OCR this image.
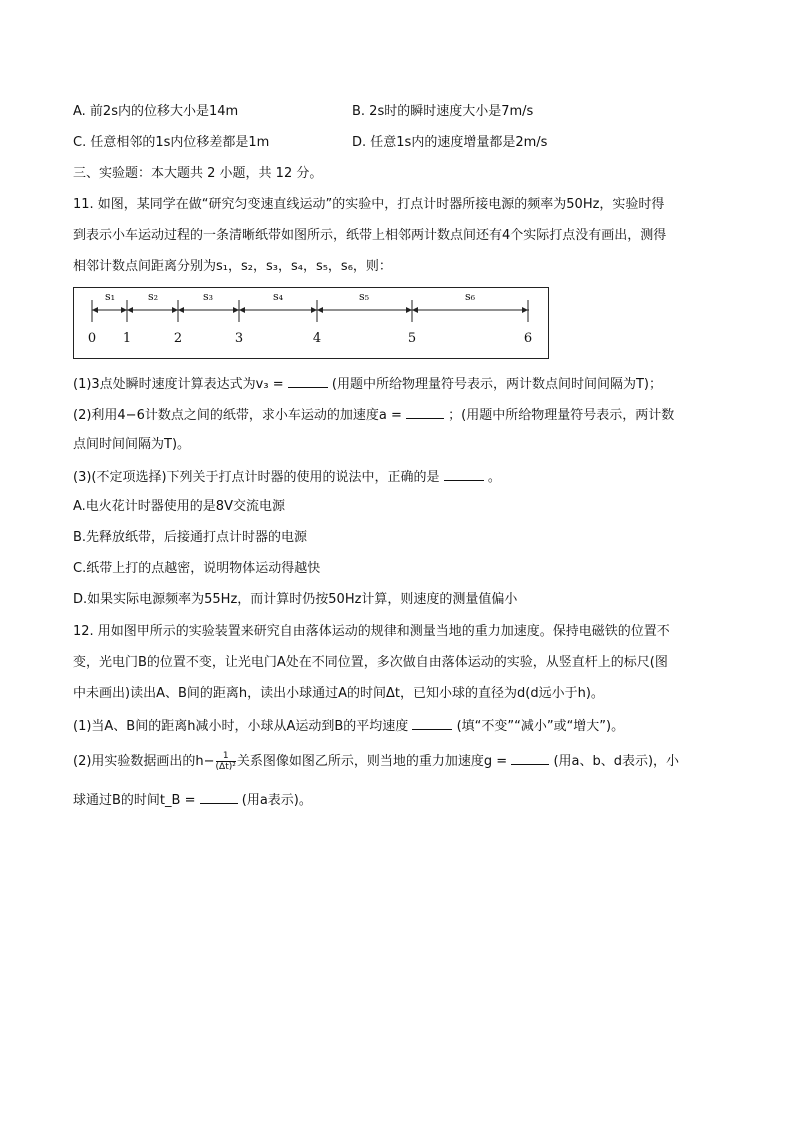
A. 前2s内的位移大小是14m	B. 2s时的瞬时速度大小是7m/s
C. 任意相邻的1s内位移差都是1m	D. 任意1s内的速度增量都是2m/s
三、实验题：本大题共 2 小题，共 12 分。
11. 如图，某同学在做“研究匀变速直线运动”的实验中，打点计时器所接电源的频率为50Hz，实验时得
到表示小车运动过程的一条清晰纸带如图所示，纸带上相邻两计数点间还有4个实际打点没有画出，测得
相邻计数点间距离分别为s₁，s₂，s₃，s₄，s₅，s₆，则：
s₁	s₂	s₃	s₄	s₅	s₆
0 1	2	3	4	5	6
(1)3点处瞬时速度计算表达式为v₃ =	(用题中所给物理量符号表示，两计数点间时间间隔为T)；
(2)利用4−6计数点之间的纸带，求小车运动的加速度a =	；(用题中所给物理量符号表示，两计数
点间时间间隔为T)。
(3)(不定项选择)下列关于打点计时器的使用的说法中，正确的是	。
A.电火花计时器使用的是8V交流电源
B.先释放纸带，后接通打点计时器的电源
C.纸带上打的点越密，说明物体运动得越快
D.如果实际电源频率为55Hz，而计算时仍按50Hz计算，则速度的测量值偏小
12. 用如图甲所示的实验装置来研究自由落体运动的规律和测量当地的重力加速度。保持电磁铁的位置不
变，光电门B的位置不变，让光电门A处在不同位置，多次做自由落体运动的实验，从竖直杆上的标尺(图
中未画出)读出A、B间的距离h，读出小球通过A的时间Δt，已知小球的直径为d(d远小于h)。
(1)当A、B间的距离h减小时，小球从A运动到B的平均速度	(填“不变”“减小”或“增大”)。
(2)用实验数据画出的$h- \frac{1}{\text{(Δt)²}}$ 关系图像如图乙所示，则当地的重力加速度g =	(用a、b、d表示)，小
球通过B的时间t_B =	(用a表示)。
